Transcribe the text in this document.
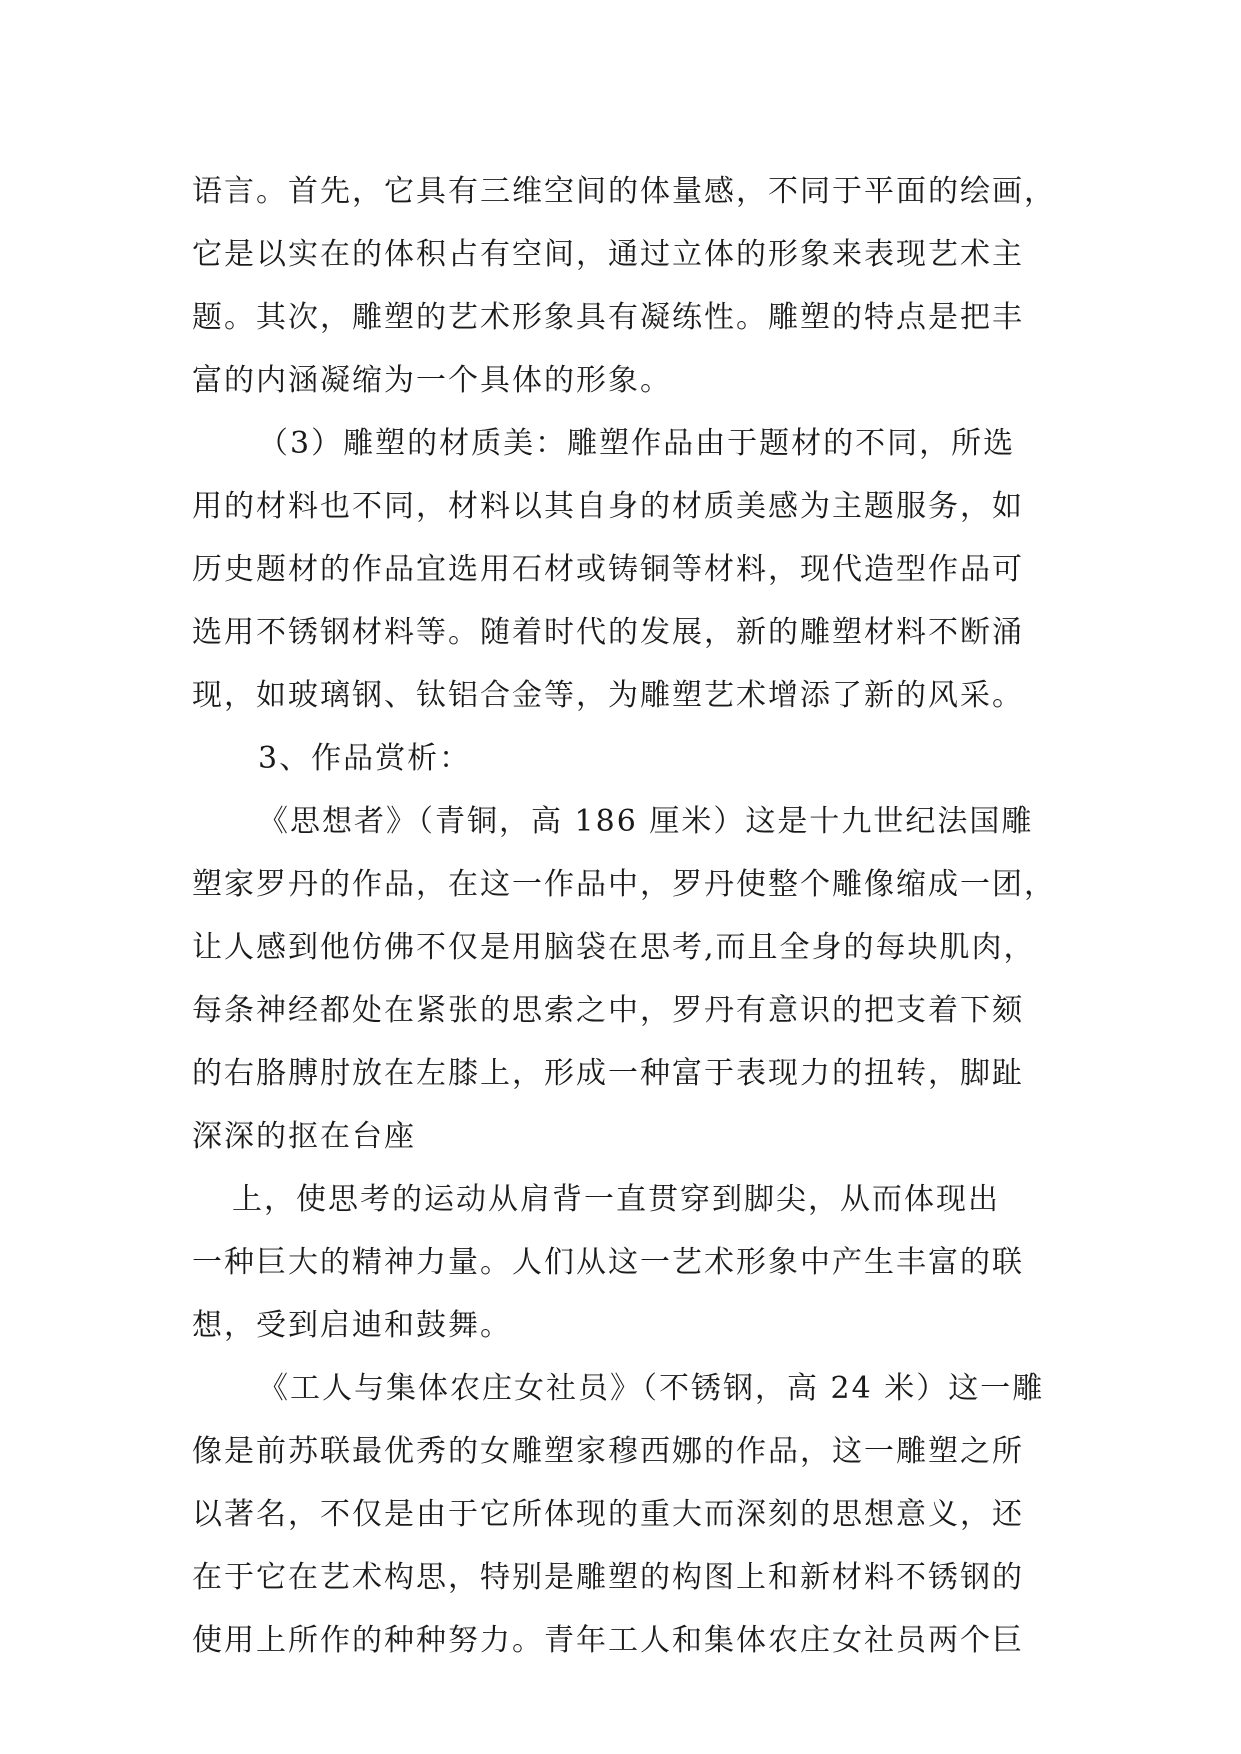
语言。首先，它具有三维空间的体量感，不同于平面的绘画，
它是以实在的体积占有空间，通过立体的形象来表现艺术主
题。其次，雕塑的艺术形象具有凝练性。雕塑的特点是把丰
富的内涵凝缩为一个具体的形象。
（3）雕塑的材质美：雕塑作品由于题材的不同，所选
用的材料也不同，材料以其自身的材质美感为主题服务，如
历史题材的作品宜选用石材或铸铜等材料，现代造型作品可
选用不锈钢材料等。随着时代的发展，新的雕塑材料不断涌
现，如玻璃钢、钛铝合金等，为雕塑艺术增添了新的风采。
3、作品赏析：
《思想者》（青铜，高 186 厘米）这是十九世纪法国雕
塑家罗丹的作品，在这一作品中，罗丹使整个雕像缩成一团，
让人感到他仿佛不仅是用脑袋在思考,而且全身的每块肌肉，
每条神经都处在紧张的思索之中，罗丹有意识的把支着下颏
的右胳膊肘放在左膝上，形成一种富于表现力的扭转，脚趾
深深的抠在台座
上，使思考的运动从肩背一直贯穿到脚尖，从而体现出
一种巨大的精神力量。人们从这一艺术形象中产生丰富的联
想，受到启迪和鼓舞。
《工人与集体农庄女社员》（不锈钢，高 24 米）这一雕
像是前苏联最优秀的女雕塑家穆西娜的作品，这一雕塑之所
以著名，不仅是由于它所体现的重大而深刻的思想意义，还
在于它在艺术构思，特别是雕塑的构图上和新材料不锈钢的
使用上所作的种种努力。青年工人和集体农庄女社员两个巨
